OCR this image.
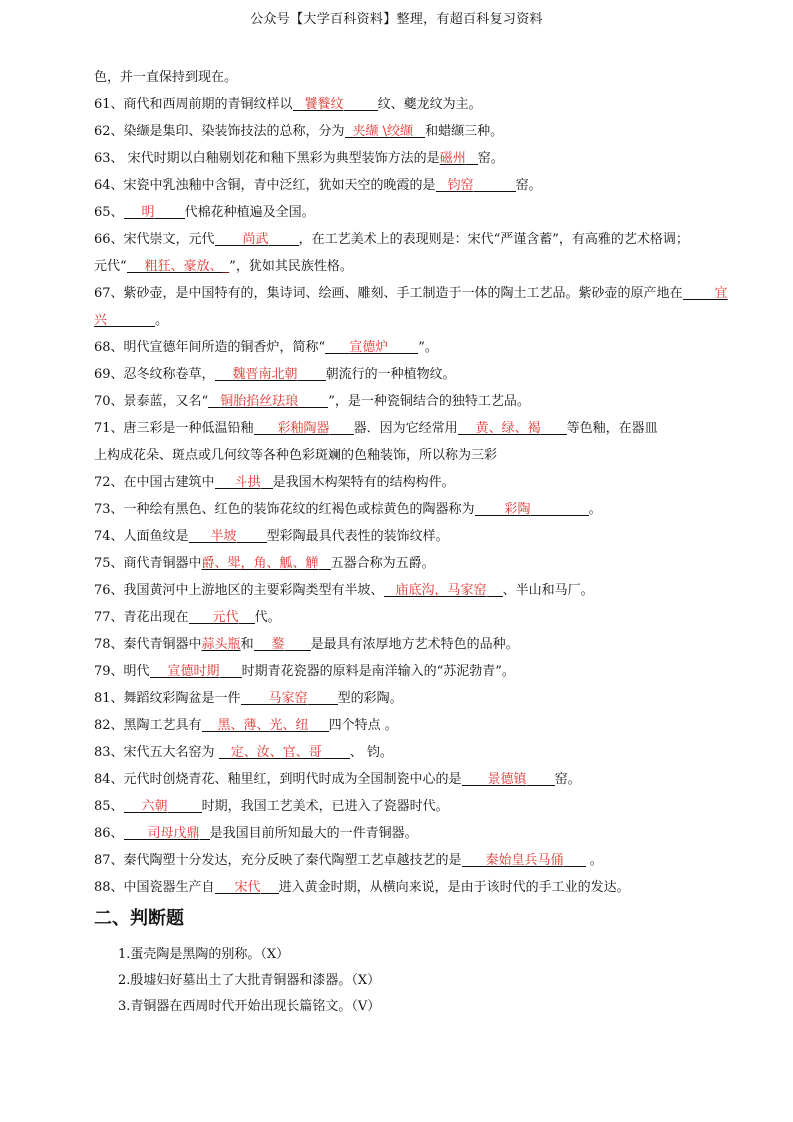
公众号【大学百科资料】整理，有超百科复习资料
色，并一直保持到现在。
61、商代和西周前期的青铜纹样以 饕餮纹	纹、夔龙纹为主。
62、染缬是集印、染装饰技法的总称，分为 夹缬 \绞缬 和蜡缬三种。
63、 宋代时期以白釉剔划花和釉下黑彩为典型装饰方法的是磁州 窑。
64、宋瓷中乳浊釉中含铜，青中泛红，犹如天空的晚霞的是 钧窑	窑。
65、 明 代棉花种植遍及全国。
66、宋代崇文，元代 尚武 ，在工艺美术上的表现则是：宋代“严谨含蓄”，有高雅的艺术格调；
元代“ 粗狂、豪放、_”，犹如其民族性格。
67、紫砂壶，是中国特有的，集诗词、绘画、雕刻、手工制造于一体的陶土工艺品。紫砂壶的原产地在 宜
兴	。
68、明代宣德年间所造的铜香炉，简称“ 宣德炉 ”。
69、忍冬纹称卷草， 魏晋南北朝 朝流行的一种植物纹。
70、景泰蓝，又名“ 铜胎掐丝珐琅 ”，是一种瓷铜结合的独特工艺品。
71、唐三彩是一种低温铅釉 彩釉陶器 器．因为它经常用 黄、绿、褐 等色釉，在器皿
上构成花朵、斑点或几何纹等各种色彩斑斓的色釉装饰，所以称为三彩
72、在中国古建筑中 斗拱 是我国木构架特有的结构构件。
73、一种绘有黑色、红色的装饰花纹的红褐色或棕黄色的陶器称为 彩陶	。
74、人面鱼纹是 半坡 型彩陶最具代表性的装饰纹样。
75、商代青铜器中爵、斝，角、觚、觯 五器合称为五爵。
76、我国黄河中上游地区的主要彩陶类型有半坡、 庙底沟，马家窑 、半山和马厂。
77、青花出现在 元代 代。
78、秦代青铜器中蒜头瓶和 鍪 是最具有浓厚地方艺术特色的品种。
79、明代 宣德时期 时期青花瓷器的原料是南洋输入的“苏泥勃青”。
81、舞蹈纹彩陶盆是一件 马家窑 型的彩陶。
82、黑陶工艺具有 黑、薄、光、纽 四个特点 。
83、宋代五大名窑为 定、汝、官、哥 、 钧。
84、元代时创烧青花、釉里红，到明代时成为全国制瓷中心的是 景德镇 窑。
85、 六朝	时期，我国工艺美术，已进入了瓷器时代。
86、 司母戊鼎 是我国目前所知最大的一件青铜器。
87、秦代陶塑十分发达，充分反映了秦代陶塑工艺卓越技艺的是 秦始皇兵马俑 。
88、中国瓷器生产自 宋代 进入黄金时期，从横向来说，是由于该时代的手工业的发达。
二、判断题
1.蛋壳陶是黑陶的别称。（X）
2.殷墟妇好墓出土了大批青铜器和漆器。（X）
3.青铜器在西周时代开始出现长篇铭文。（V）
